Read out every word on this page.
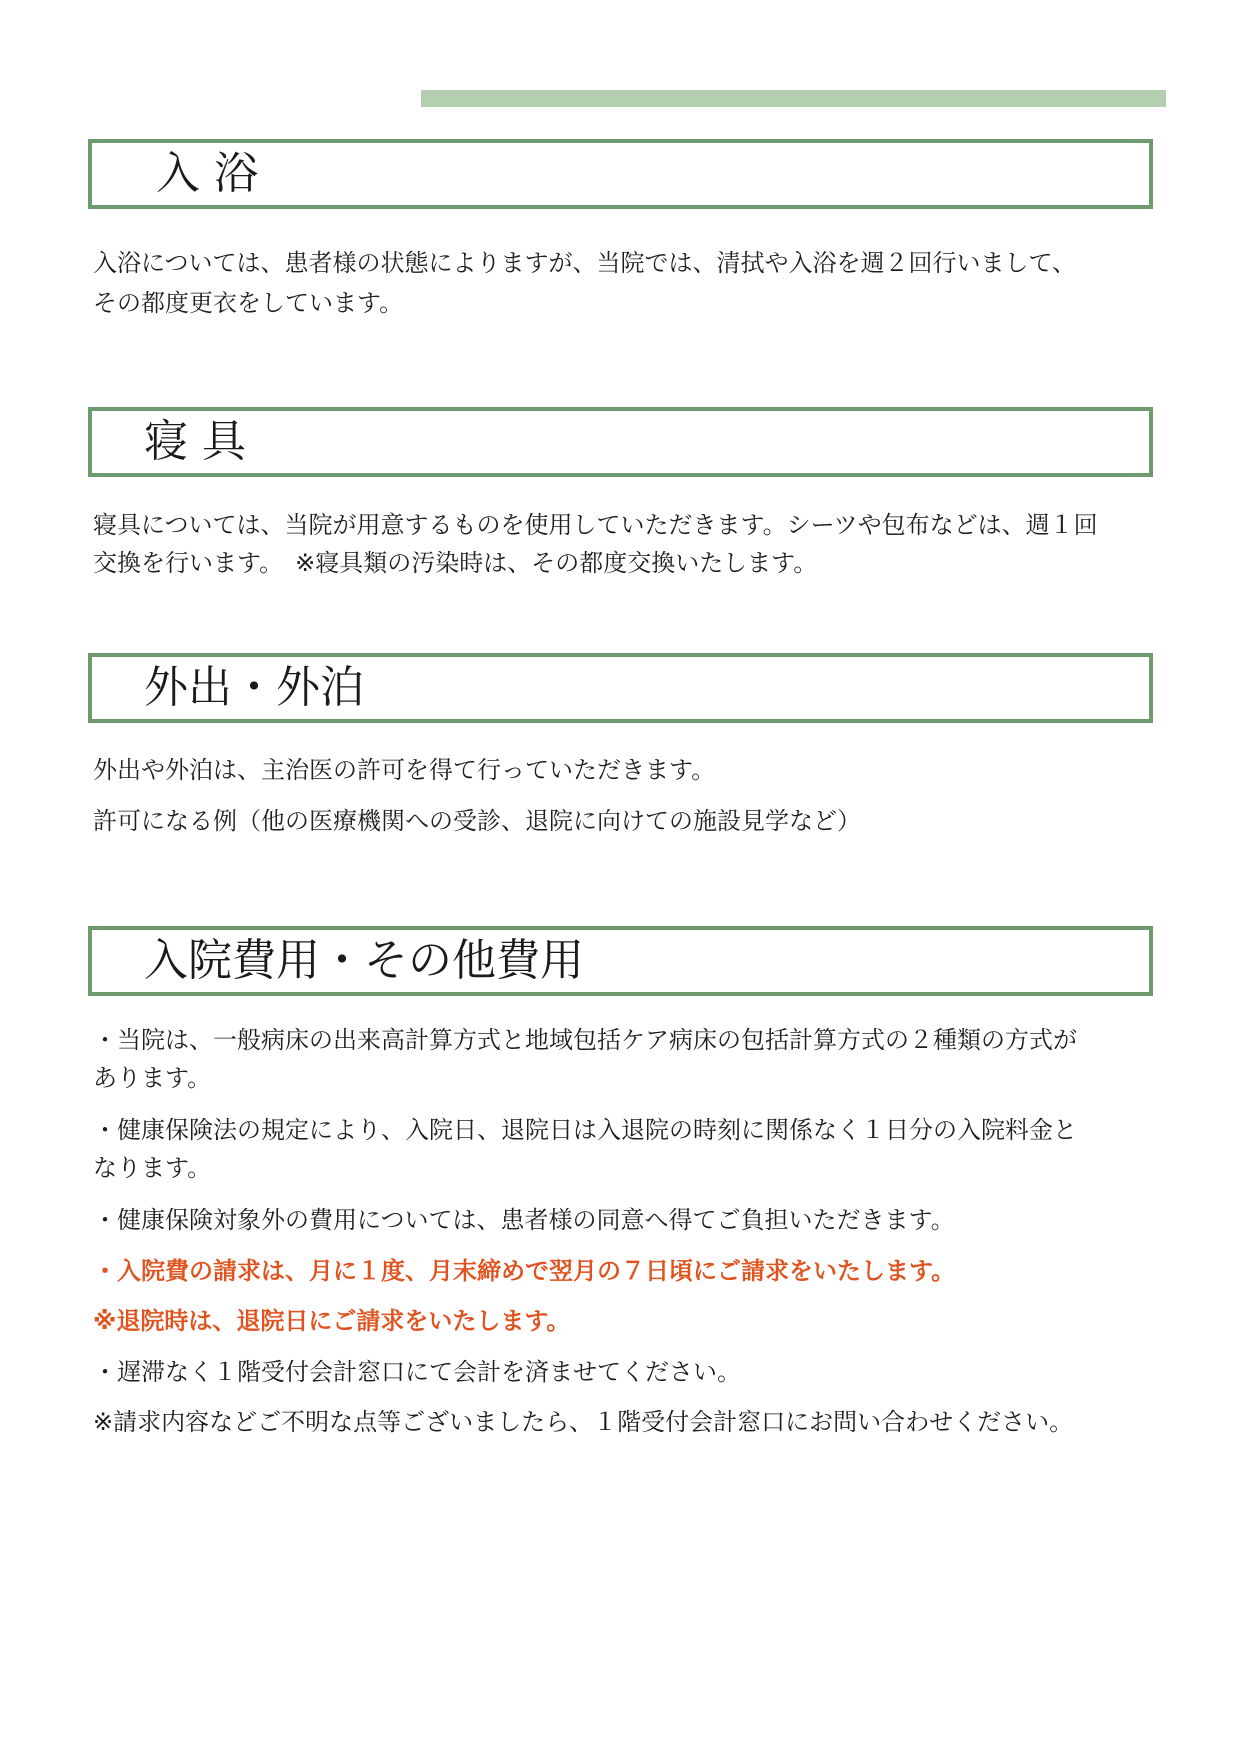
入 浴

入浴については、患者様の状態によりますが、当院では、清拭や入浴を週２回行いまして、

その都度更衣をしています。

寝 具

寝具については、当院が用意するものを使用していただきます。シーツや包布などは、週１回

交換を行います。　※寝具類の汚染時は、その都度交換いたします。

外出・外泊

外出や外泊は、主治医の許可を得て行っていただきます。

許可になる例（他の医療機関への受診、退院に向けての施設見学など）

入院費用・その他費用

・当院は、一般病床の出来高計算方式と地域包括ケア病床の包括計算方式の２種類の方式が

あります。

・健康保険法の規定により、入院日、退院日は入退院の時刻に関係なく１日分の入院料金と

なります。

・健康保険対象外の費用については、患者様の同意へ得てご負担いただきます。

・入院費の請求は、月に１度、月末締めで翌月の７日頃にご請求をいたします。

※退院時は、退院日にご請求をいたします。

・遅滞なく１階受付会計窓口にて会計を済ませてください。

※請求内容などご不明な点等ございましたら、１階受付会計窓口にお問い合わせください。
